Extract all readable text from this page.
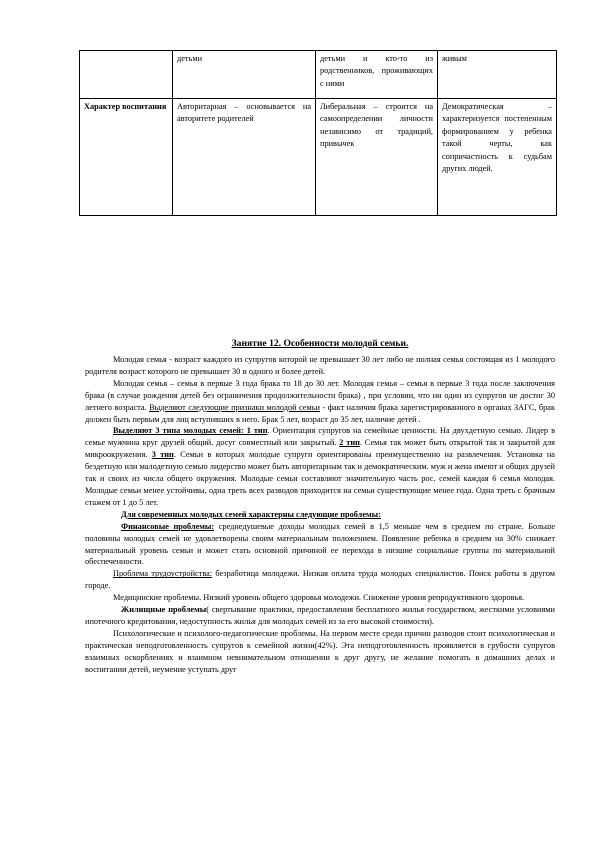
	детьми	детьми и кто-то из родственников, проживающих с ними	живым
Характер воспитания	Авторитарная – основывается на авторитете родителей	Либеральная – строится на самоопределении личности независимо от традиций, привычек	Демократическая – характеризуется постепенным формированием у ребенка такой черты, как сопричастность к судьбам других людей.
Занятие 12. Особенности молодой семьи.

Молодая семья - возраст каждого из супругов которой не превышает 30 лет либо не полная семья состоящая из 1 молодого родителя возраст которого не превышает 30 и одного и более детей.

Молодая семья – семья в первые 3 года брака то 18 до 30 лет. Молодая семья – семья в первые 3 года после заключения брака (в случае рождения детей без ограничения продолжительности брака) , при условии, что ни один из супругов не достиг 30 летнего возраста. Выделяют следующие признаки молодой семьи - факт наличия брака зарегистрированного в органах ЗАГС, брак должен быть первым для лиц вступивших в него. Брак 5 лет, возраст до 35 лет, наличие детей .

Выделяют 3 типа молодых семей: 1 тип. Ориентация супругов на семейные ценности. На двухдетную семью. Лидер в семье мужчина круг друзей общий. досуг совместный или закрытый. 2 тип. Семья так может быть открытой так и закрытой для микроокружения. 3 тип. Семьи в которых молодые супруги ориентированы преимущественно на развлечения. Установка на бездетную или малодетную семью лидерство может быть авторитарным так и демократическим. муж и жена имеют и общих друзей так и своих из числа общего окружения. Молодые семьи составляют значительную часть рос. семей каждая 6 семья молодая. Молодые семьи менее устойчивы, одна треть всех разводов приходится на семьи существующие менее года. Одна треть с брачным стажем от 1 до 5 лет.

Для современных молодых семей характерны следующие проблемы:

Финансовые проблемы: среднедушевые доходы молодых семей в 1,5 меньше чем в среднем по стране. Больше половины молодых семей не удовлетворены своим материальным положением. Появление ребенка в среднем на 30% снижает материальный уровень семьи и может стать основной причиной ее перехода в низшие социальные группы по материальной обеспеченности.

Проблема трудоустройства: безработица молодежи. Низкая оплата труда молодых специалистов. Поиск работы в другом городе.

Медицинские проблемы. Низкий уровень общего здоровья молодежи. Снижение уровня репродуктивного здоровья.

Жилищные проблемы( свертывание практики, предоставления бесплатного жилья государством, жесткими условиями ипотечного кредитования, недоступность жилья для молодых семей из за его высокой стоимости).

Психологические и психолого-педагогические проблемы. На первом месте среди причин разводов стоит психологическая и практическая неподготовленность супругов к семейной жизни(42%). Эта неподготовленность проявляется в грубости супругов взаимных оскорблениях и взаимном невнимательном отношении к друг другу, не желание помогать в домашних делах и воспитании детей, неумение уступать друг
